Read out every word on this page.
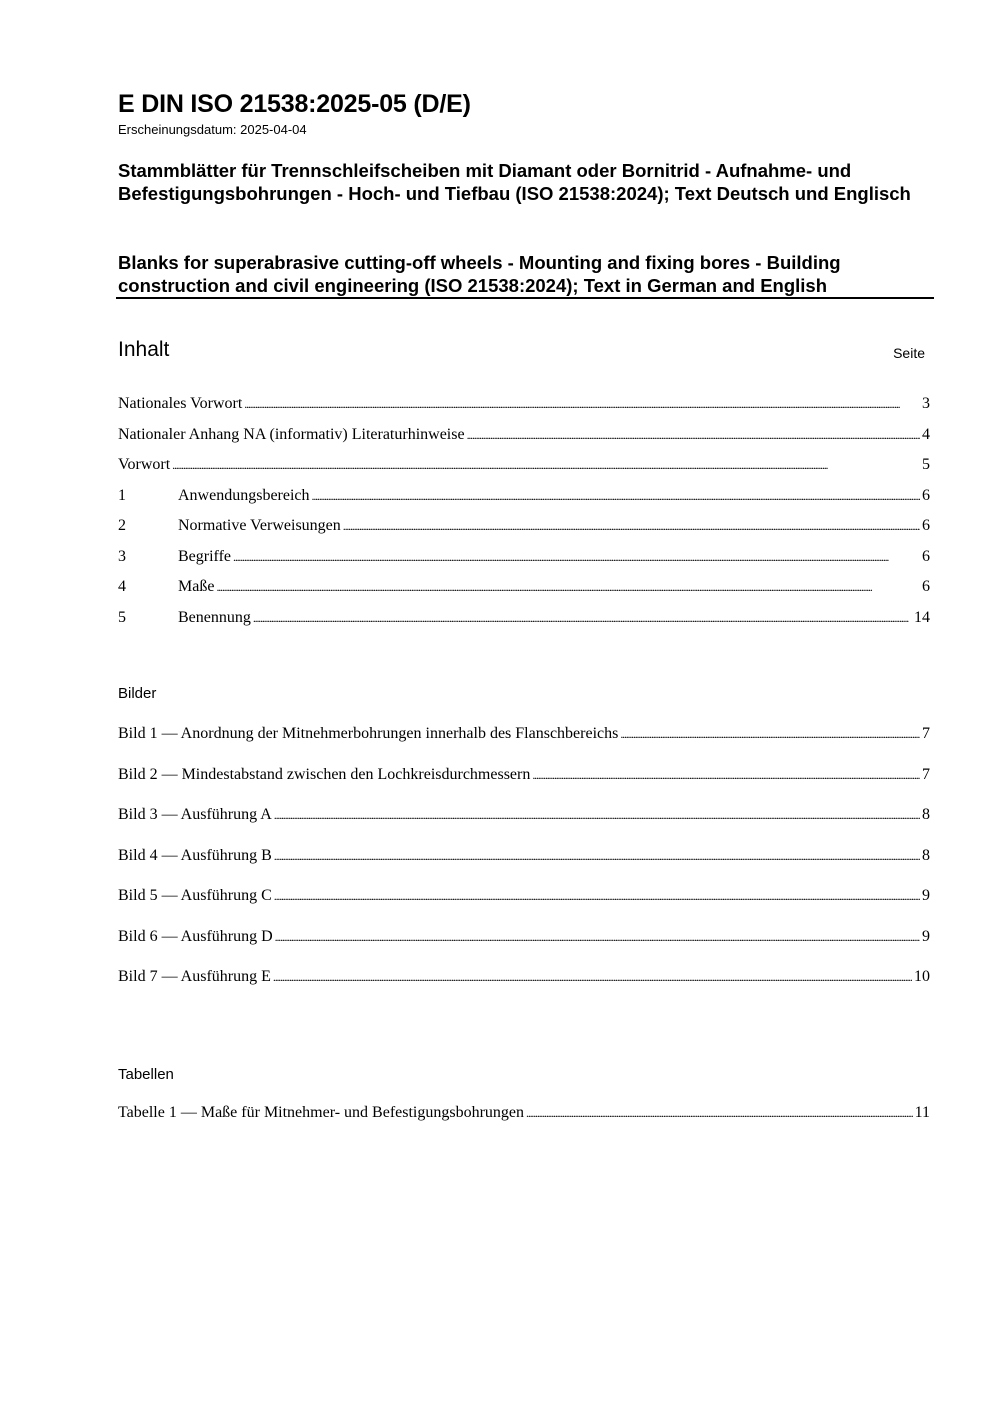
E DIN ISO 21538:2025-05 (D/E)
Erscheinungsdatum: 2025-04-04
Stammblätter für Trennschleifscheiben mit Diamant oder Bornitrid - Aufnahme- und Befestigungsbohrungen - Hoch- und Tiefbau (ISO 21538:2024); Text Deutsch und Englisch
Blanks for superabrasive cutting-off wheels - Mounting and fixing bores - Building construction and civil engineering (ISO 21538:2024); Text in German and English
Inhalt	Seite
Nationales Vorwort .....	3
Nationaler Anhang NA (informativ) Literaturhinweise .....	4
Vorwort .....	5
1	Anwendungsbereich .....	6
2	Normative Verweisungen .....	6
3	Begriffe .....	6
4	Maße .....	6
5	Benennung .....	14
Bilder
Bild 1 — Anordnung der Mitnehmerbohrungen innerhalb des Flanschbereichs .....	7
Bild 2 — Mindestabstand zwischen den Lochkreisdurchmessern .....	7
Bild 3 — Ausführung A .....	8
Bild 4 — Ausführung B .....	8
Bild 5 — Ausführung C .....	9
Bild 6 — Ausführung D .....	9
Bild 7 — Ausführung E .....	10
Tabellen
Tabelle 1 — Maße für Mitnehmer- und Befestigungsbohrungen .....	11
